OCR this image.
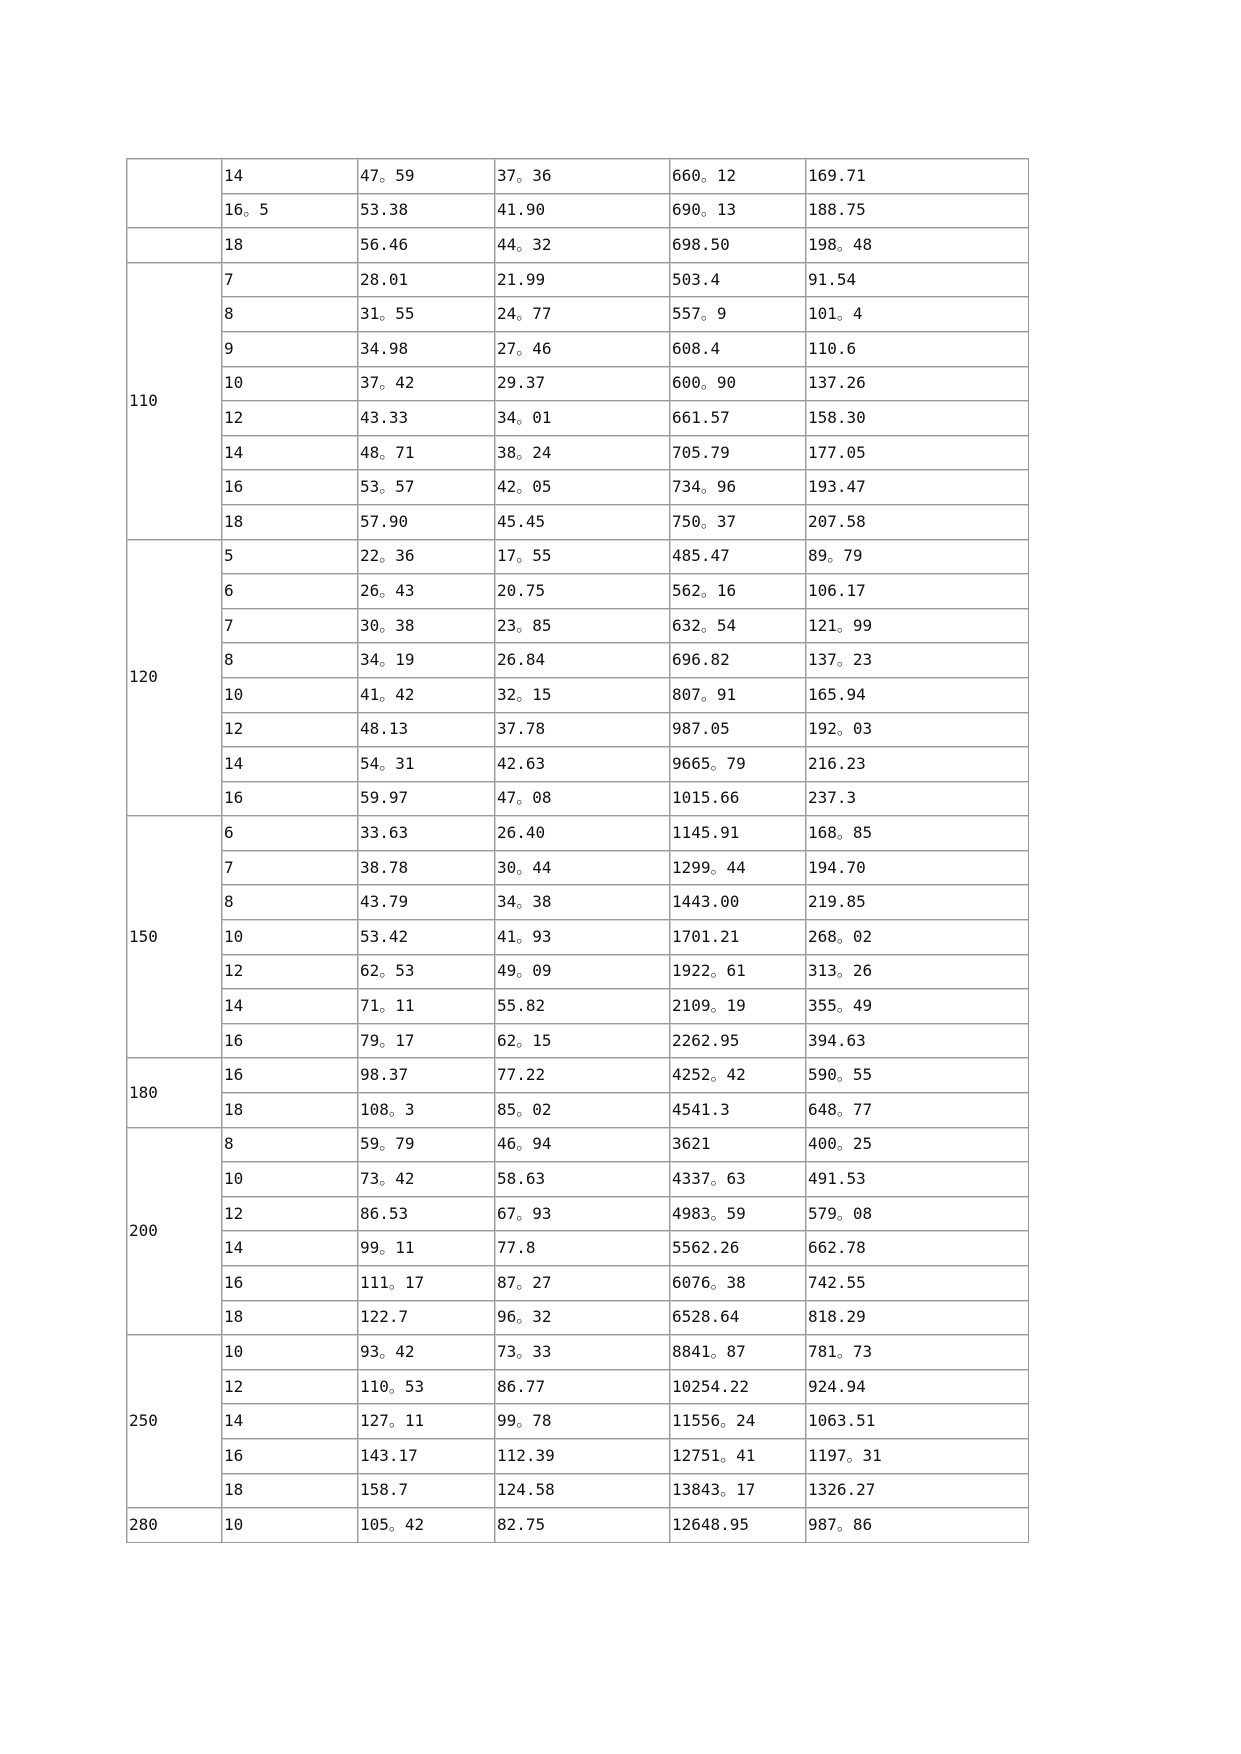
	14	47。59	37。36	660。12	169.71
	16。5	53.38	41.90	690。13	188.75
	18	56.46	44。32	698.50	198。48
110	7	28.01	21.99	503.4	91.54
	8	31。55	24。77	557。9	101。4
	9	34.98	27。46	608.4	110.6
	10	37。42	29.37	600。90	137.26
	12	43.33	34。01	661.57	158.30
	14	48。71	38。24	705.79	177.05
	16	53。57	42。05	734。96	193.47
	18	57.90	45.45	750。37	207.58
120	5	22。36	17。55	485.47	89。79
	6	26。43	20.75	562。16	106.17
	7	30。38	23。85	632。54	121。99
	8	34。19	26.84	696.82	137。23
	10	41。42	32。15	807。91	165.94
	12	48.13	37.78	987.05	192。03
	14	54。31	42.63	9665。79	216.23
	16	59.97	47。08	1015.66	237.3
150	6	33.63	26.40	1145.91	168。85
	7	38.78	30。44	1299。44	194.70
	8	43.79	34。38	1443.00	219.85
	10	53.42	41。93	1701.21	268。02
	12	62。53	49。09	1922。61	313。26
	14	71。11	55.82	2109。19	355。49
	16	79。17	62。15	2262.95	394.63
180	16	98.37	77.22	4252。42	590。55
	18	108。3	85。02	4541.3	648。77
200	8	59。79	46。94	3621	400。25
	10	73。42	58.63	4337。63	491.53
	12	86.53	67。93	4983。59	579。08
	14	99。11	77.8	5562.26	662.78
	16	111。17	87。27	6076。38	742.55
	18	122.7	96。32	6528.64	818.29
250	10	93。42	73。33	8841。87	781。73
	12	110。53	86.77	10254.22	924.94
	14	127。11	99。78	11556。24	1063.51
	16	143.17	112.39	12751。41	1197。31
	18	158.7	124.58	13843。17	1326.27
280	10	105。42	82.75	12648.95	987。86
